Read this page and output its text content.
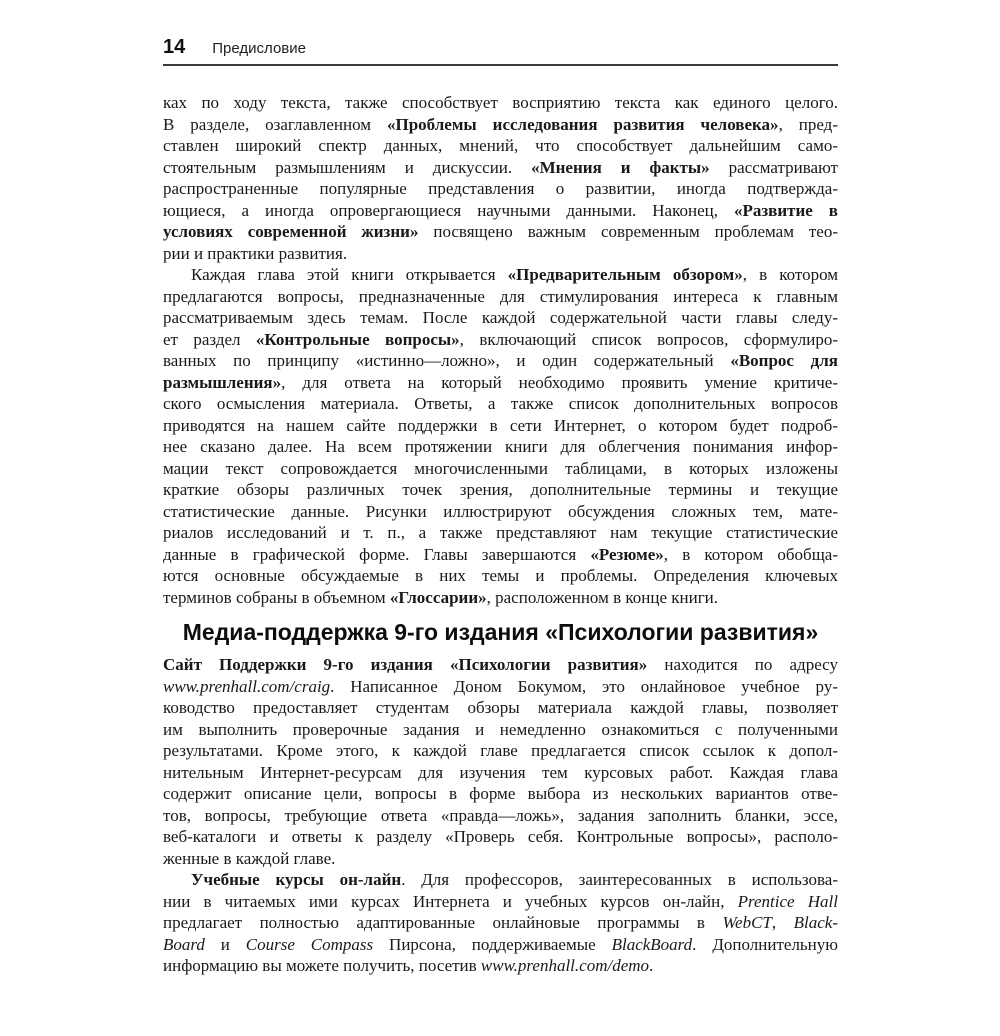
14 Предисловие
ках по ходу текста, также способствует восприятию текста как единого целого.
В разделе, озаглавленном «Проблемы исследования развития человека», пред-
ставлен широкий спектр данных, мнений, что способствует дальнейшим само-
стоятельным размышлениям и дискуссии. «Мнения и факты» рассматривают
распространенные популярные представления о развитии, иногда подтвержда-
ющиеся, а иногда опровергающиеся научными данными. Наконец, «Развитие в
условиях современной жизни» посвящено важным современным проблемам тео-
рии и практики развития.
Каждая глава этой книги открывается «Предварительным обзором», в котором
предлагаются вопросы, предназначенные для стимулирования интереса к главным
рассматриваемым здесь темам. После каждой содержательной части главы следу-
ет раздел «Контрольные вопросы», включающий список вопросов, сформулиро-
ванных по принципу «истинно—ложно», и один содержательный «Вопрос для
размышления», для ответа на который необходимо проявить умение критиче-
ского осмысления материала. Ответы, а также список дополнительных вопросов
приводятся на нашем сайте поддержки в сети Интернет, о котором будет подроб-
нее сказано далее. На всем протяжении книги для облегчения понимания инфор-
мации текст сопровождается многочисленными таблицами, в которых изложены
краткие обзоры различных точек зрения, дополнительные термины и текущие
статистические данные. Рисунки иллюстрируют обсуждения сложных тем, мате-
риалов исследований и т. п., а также представляют нам текущие статистические
данные в графической форме. Главы завершаются «Резюме», в котором обобща-
ются основные обсуждаемые в них темы и проблемы. Определения ключевых
терминов собраны в объемном «Глоссарии», расположенном в конце книги.
Медиа-поддержка 9-го издания «Психологии развития»
Сайт Поддержки 9-го издания «Психологии развития» находится по адресу
www.prenhall.com/craig. Написанное Доном Бокумом, это онлайновое учебное ру-
ководство предоставляет студентам обзоры материала каждой главы, позволяет
им выполнить проверочные задания и немедленно ознакомиться с полученными
результатами. Кроме этого, к каждой главе предлагается список ссылок к допол-
нительным Интернет-ресурсам для изучения тем курсовых работ. Каждая глава
содержит описание цели, вопросы в форме выбора из нескольких вариантов отве-
тов, вопросы, требующие ответа «правда—ложь», задания заполнить бланки, эссе,
веб-каталоги и ответы к разделу «Проверь себя. Контрольные вопросы», располо-
женные в каждой главе.
Учебные курсы он-лайн. Для профессоров, заинтересованных в использова-
нии в читаемых ими курсах Интернета и учебных курсов он-лайн, Prentice Hall
предлагает полностью адаптированные онлайновые программы в WebCT, Black-
Board и Course Compass Пирсона, поддерживаемые BlackBoard. Дополнительную
информацию вы можете получить, посетив www.prenhall.com/demo.
